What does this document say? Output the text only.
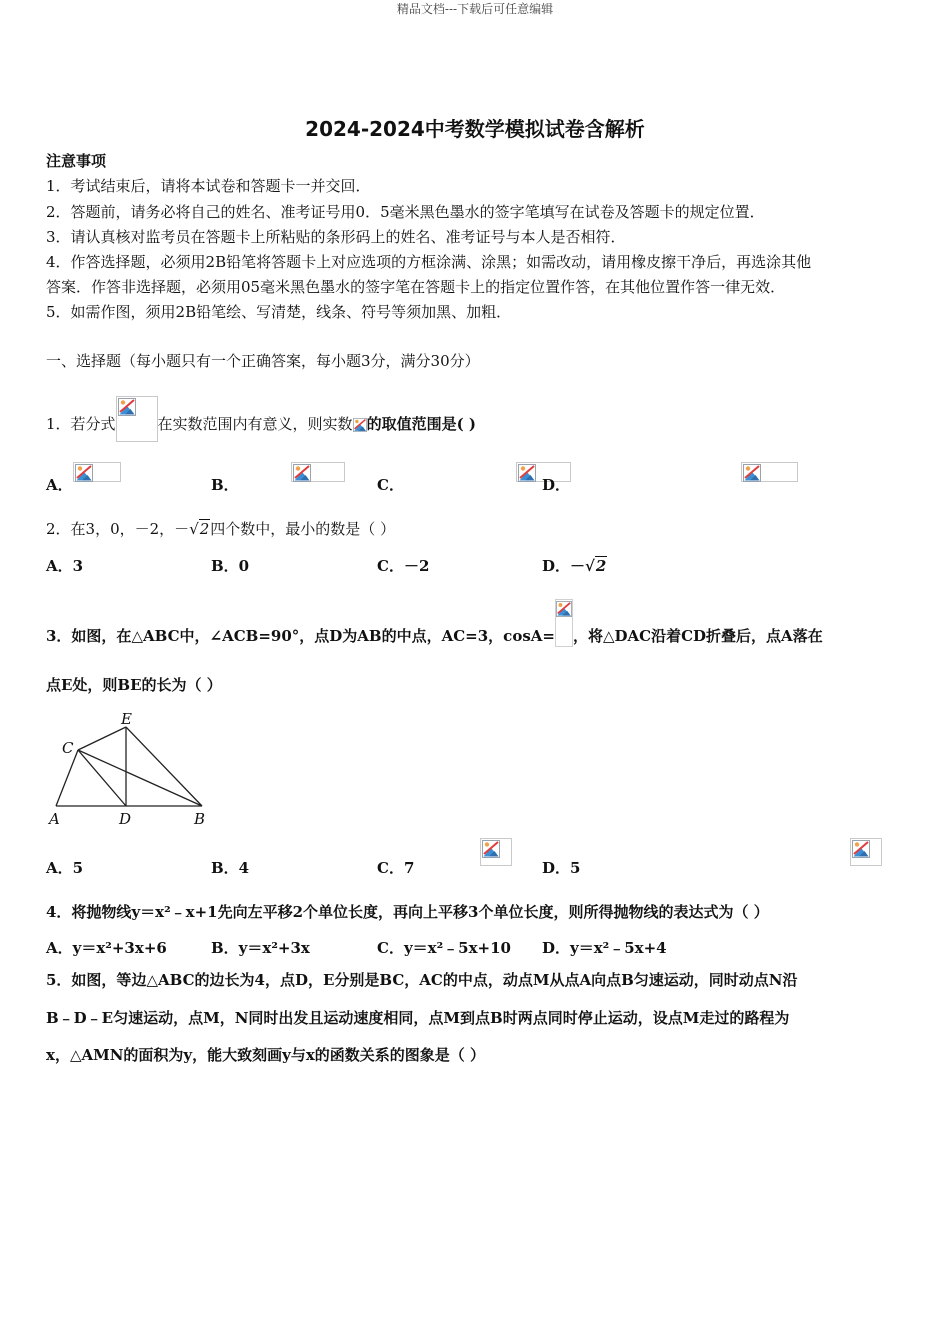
精品文档---下载后可任意编辑
2024-2024中考数学模拟试卷含解析
注意事项
1．考试结束后，请将本试卷和答题卡一并交回．
2．答题前，请务必将自己的姓名、准考证号用0．5毫米黑色墨水的签字笔填写在试卷及答题卡的规定位置．
3．请认真核对监考员在答题卡上所粘贴的条形码上的姓名、准考证号与本人是否相符．
4．作答选择题，必须用2B铅笔将答题卡上对应选项的方框涂满、涂黑；如需改动，请用橡皮擦干净后，再选涂其他
答案．作答非选择题，必须用05毫米黑色墨水的签字笔在答题卡上的指定位置作答，在其他位置作答一律无效．
5．如需作图，须用2B铅笔绘、写清楚，线条、符号等须加黑、加粗．
一、选择题（每小题只有一个正确答案，每小题3分，满分30分）
1．若分式	在实数范围内有意义，则实数 的取值范围是( )
A．
	B．
	C．
	D．

2．在3，0，－2，－√2四个数中，最小的数是（ ）
A．3	B．0	C．－2	D．－√2
3．如图，在△ABC中，∠ACB=90°，点D为AB的中点，AC=3，cosA= ，将△DAC沿着CD折叠后，点A落在
点E处，则BE的长为（ ）
E
C
A	D	B
A．5	B．4
	C．7	D．5
4．将抛物线y＝x²﹣x+1先向左平移2个单位长度，再向上平移3个单位长度，则所得抛物线的表达式为（ ）
A．y＝x²+3x+6	B．y＝x²+3x	C．y＝x²﹣5x+10 D．y＝x²﹣5x+4
5．如图，等边△ABC的边长为4，点D，E分别是BC，AC的中点，动点M从点A向点B匀速运动，同时动点N沿
B﹣D﹣E匀速运动，点M，N同时出发且运动速度相同，点M到点B时两点同时停止运动，设点M走过的路程为
x，△AMN的面积为y，能大致刻画y与x的函数关系的图象是（ ）
